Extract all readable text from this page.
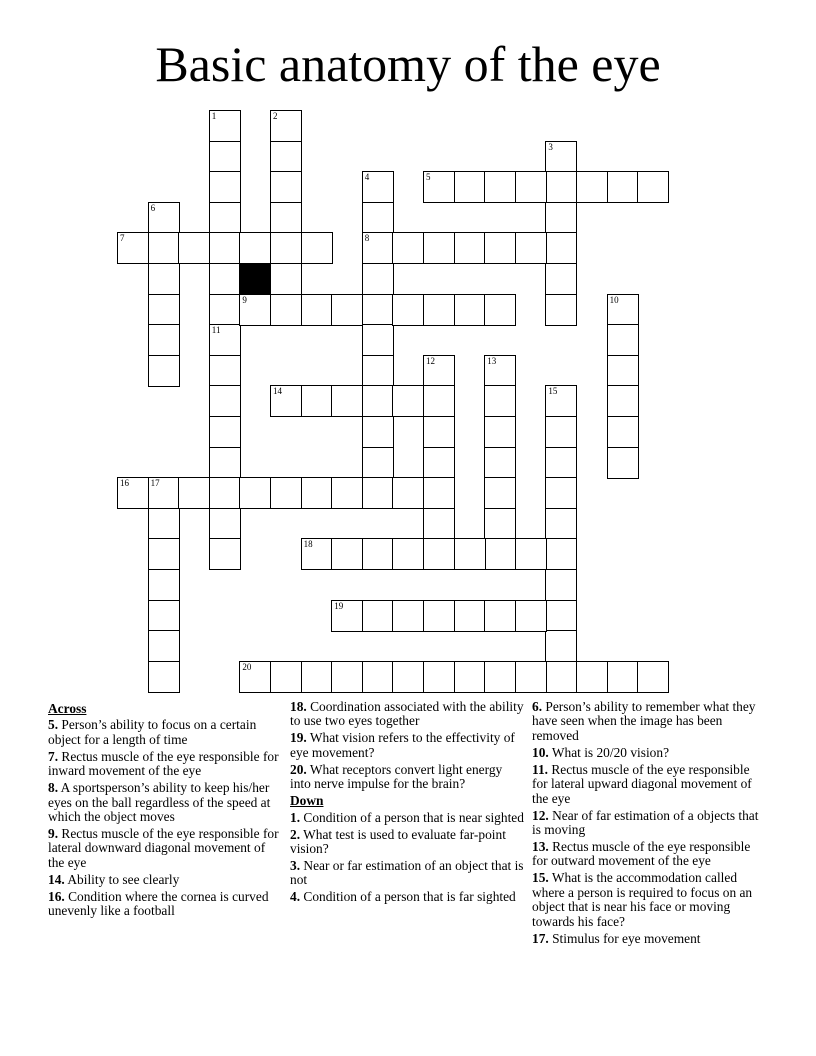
Basic anatomy of the eye
1
11
2
3
4
8
5
6
7
9	10
12	13
14	15
16 17
18
19
20
Across
5. Person’s ability to focus on a certain object for a length of time
7. Rectus muscle of the eye responsible for inward movement of the eye
8. A sportsperson’s ability to keep his/her eyes on the ball regardless of the speed at which the object moves
9. Rectus muscle of the eye responsible for lateral downward diagonal movement of the eye
14. Ability to see clearly
16. Condition where the cornea is curved unevenly like a football
18. Coordination associated with the ability to use two eyes together
19. What vision refers to the effectivity of eye movement?
20. What receptors convert light energy into nerve impulse for the brain?
Down
1. Condition of a person that is near sighted
2. What test is used to evaluate far-point vision?
3. Near or far estimation of an object that is not
4. Condition of a person that is far sighted
6. Person’s ability to remember what they have seen when the image has been removed
10. What is 20/20 vision?
11. Rectus muscle of the eye responsible for lateral upward diagonal movement of the eye
12. Near of far estimation of a objects that is moving
13. Rectus muscle of the eye responsible for outward movement of the eye
15. What is the accommodation called where a person is required to focus on an object that is near his face or moving towards his face?
17. Stimulus for eye movement
